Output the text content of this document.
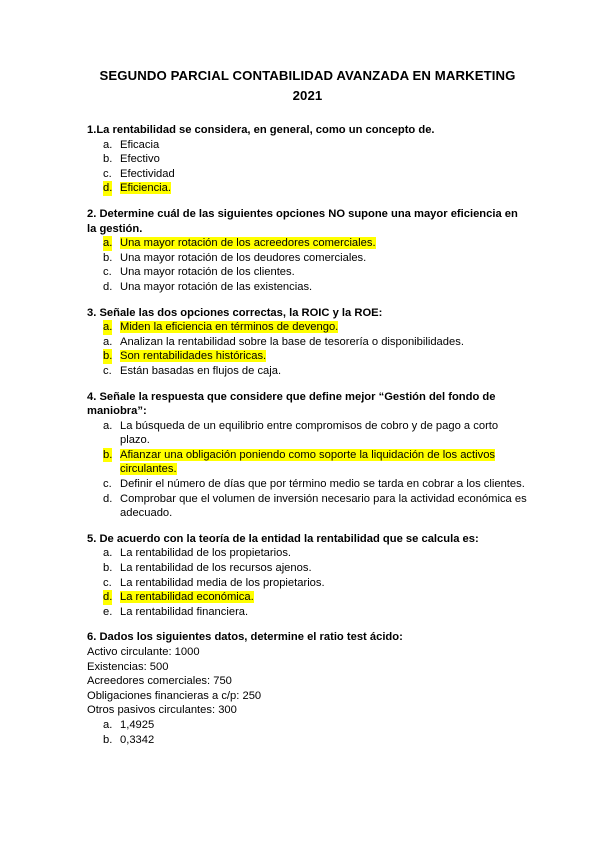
SEGUNDO PARCIAL CONTABILIDAD AVANZADA EN MARKETING
2021
1.La rentabilidad se considera, en general, como un concepto de.
a. Eficacia
b. Efectivo
c. Efectividad
d. Eficiencia.
2. Determine cuál de las siguientes opciones NO supone una mayor eficiencia en la gestión.
a. Una mayor rotación de los acreedores comerciales.
b. Una mayor rotación de los deudores comerciales.
c. Una mayor rotación de los clientes.
d. Una mayor rotación de las existencias.
3. Señale las dos opciones correctas, la ROIC y la ROE:
a. Miden la eficiencia en términos de devengo.
a. Analizan la rentabilidad sobre la base de tesorería o disponibilidades.
b. Son rentabilidades históricas.
c. Están basadas en flujos de caja.
4. Señale la respuesta que considere que define mejor “Gestión del fondo de maniobra”:
a. La búsqueda de un equilibrio entre compromisos de cobro y de pago a corto plazo.
b. Afianzar una obligación poniendo como soporte la liquidación de los activos circulantes.
c. Definir el número de días que por término medio se tarda en cobrar a los clientes.
d. Comprobar que el volumen de inversión necesario para la actividad económica es adecuado.
5. De acuerdo con la teoría de la entidad la rentabilidad que se calcula es:
a. La rentabilidad de los propietarios.
b. La rentabilidad de los recursos ajenos.
c. La rentabilidad media de los propietarios.
d. La rentabilidad económica.
e. La rentabilidad financiera.
6. Dados los siguientes datos, determine el ratio test ácido:
Activo circulante: 1000
Existencias: 500
Acreedores comerciales: 750
Obligaciones financieras a c/p: 250
Otros pasivos circulantes: 300
a. 1,4925
b. 0,3342
